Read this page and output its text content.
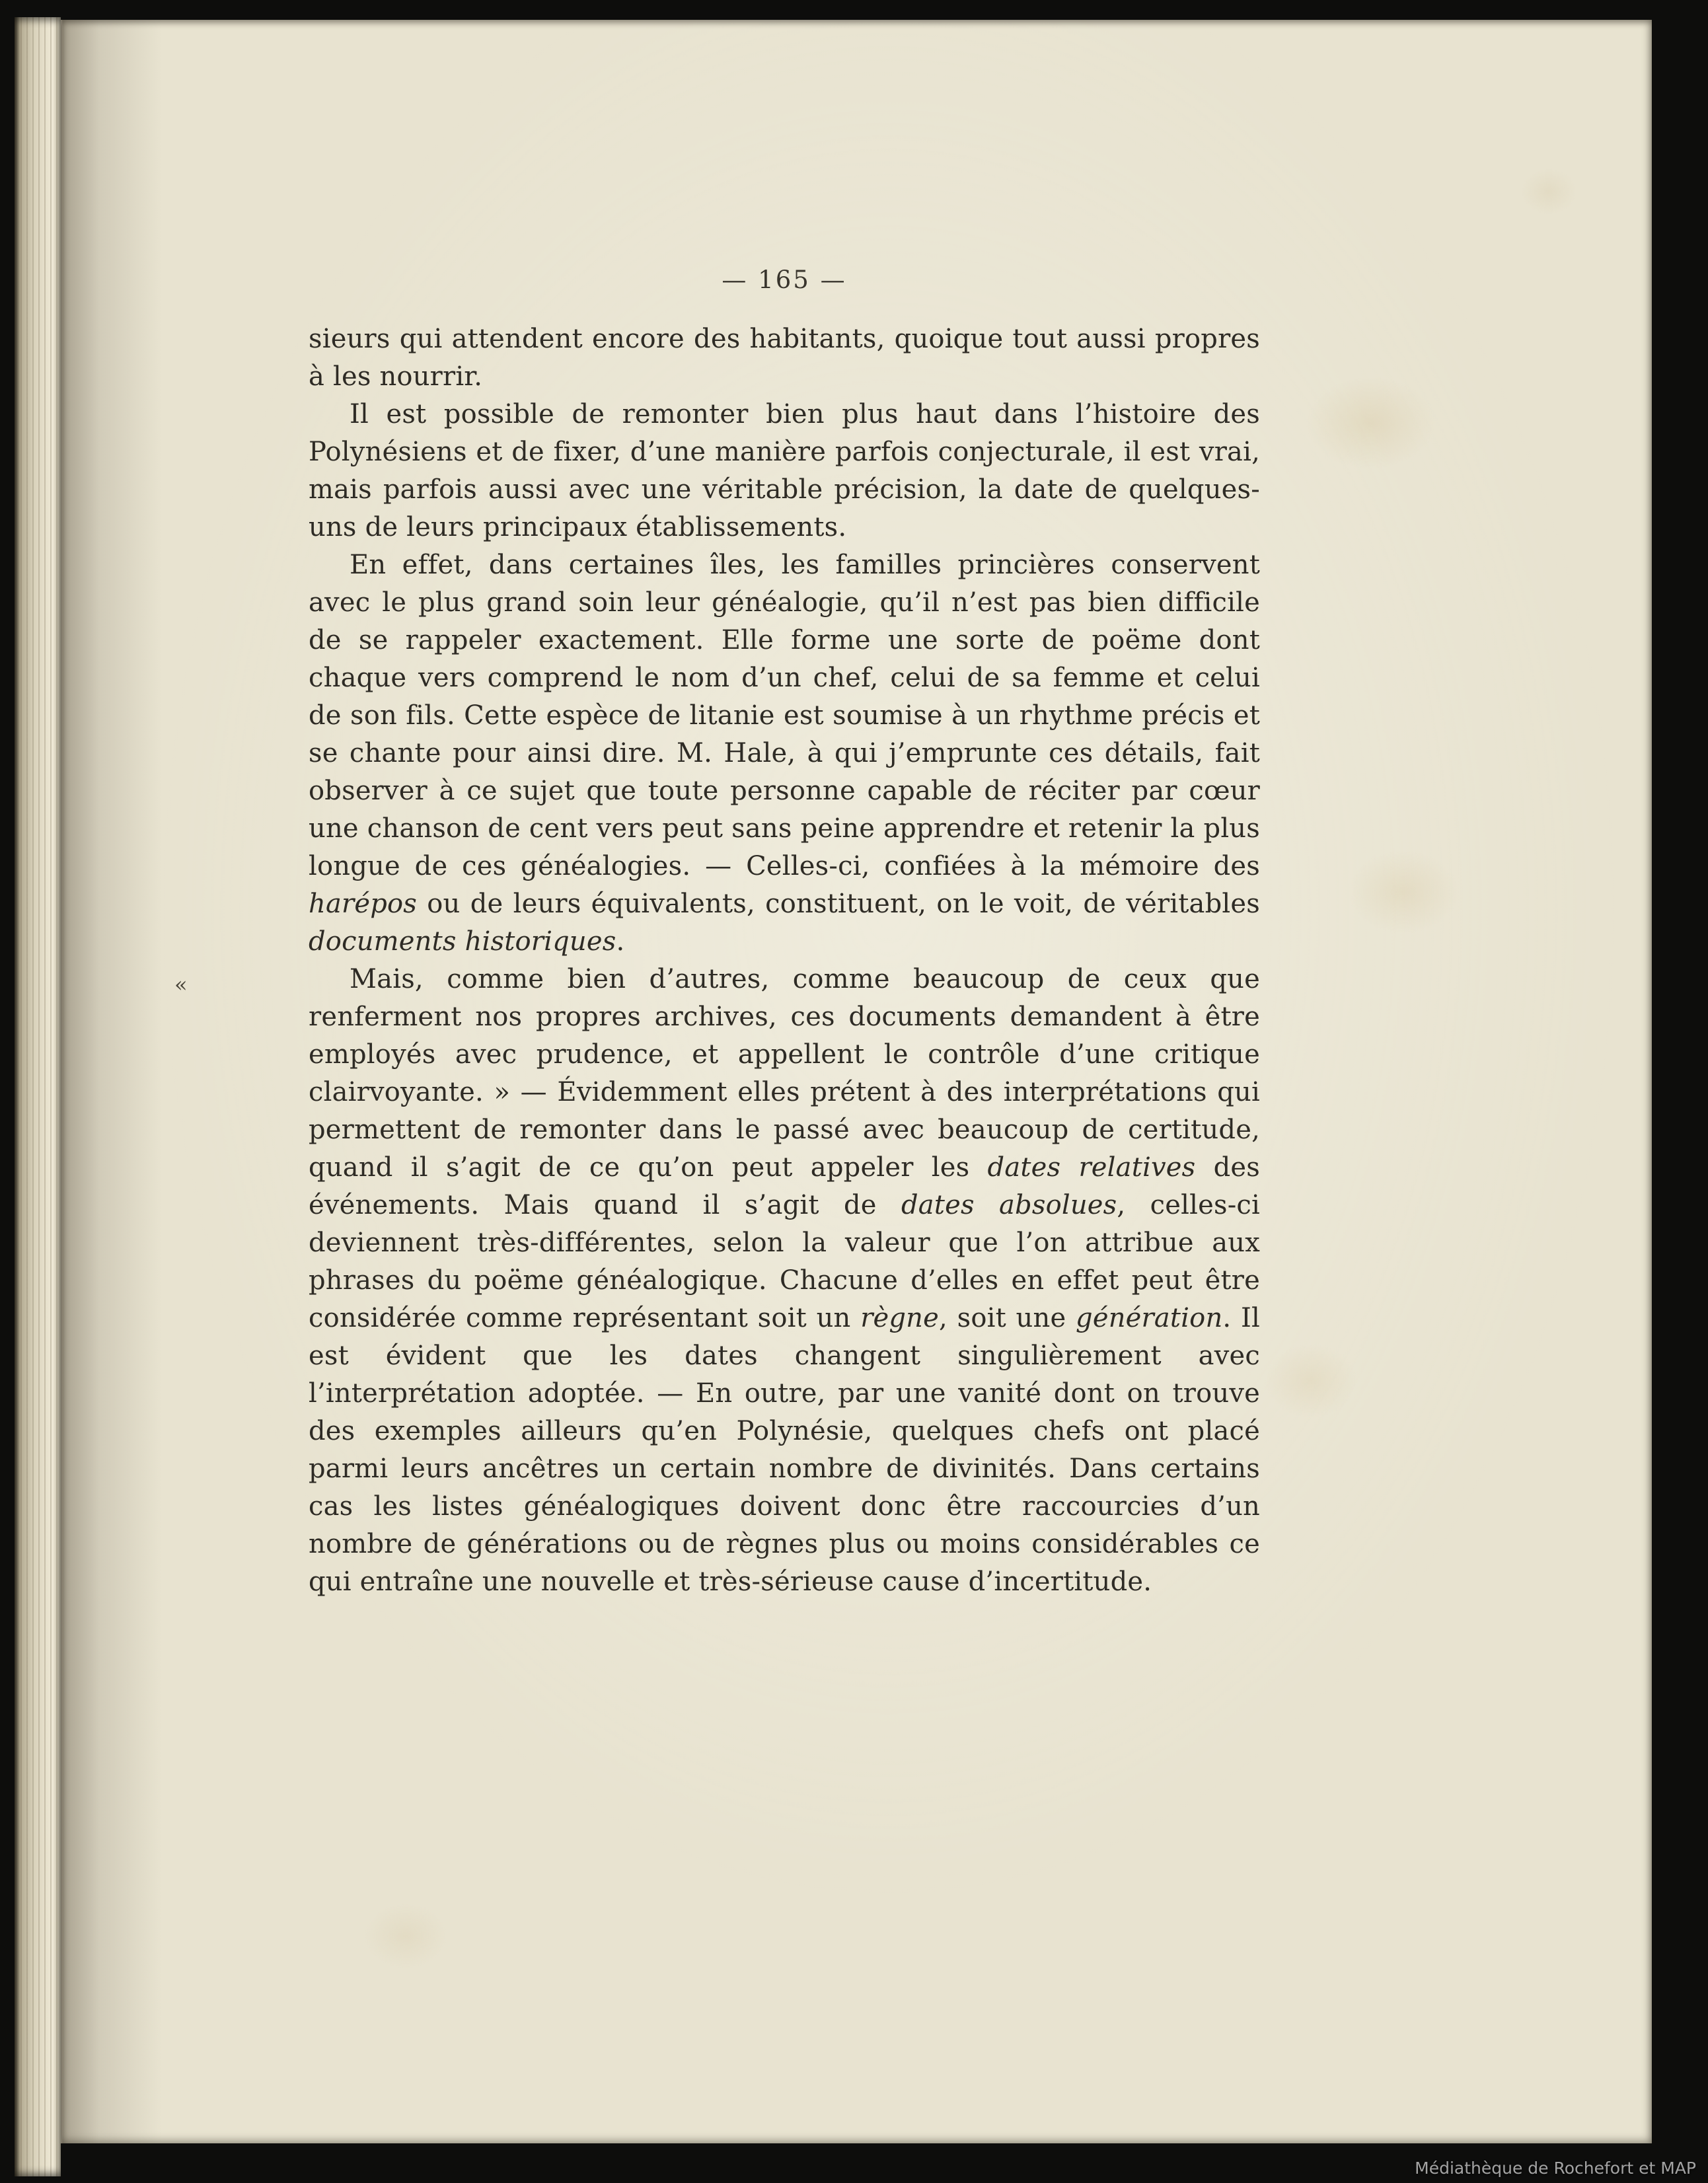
— 165 —

sieurs qui attendent encore des habitants, quoique tout aussi propres à les nourrir.

Il est possible de remonter bien plus haut dans l’histoire des Polynésiens et de fixer, d’une manière parfois conjecturale, il est vrai, mais parfois aussi avec une véritable précision, la date de quelques-uns de leurs principaux établissements.

En effet, dans certaines îles, les familles princières conservent avec le plus grand soin leur généalogie, qu’il n’est pas bien difficile de se rappeler exactement. Elle forme une sorte de poëme dont chaque vers comprend le nom d’un chef, celui de sa femme et celui de son fils. Cette espèce de litanie est soumise à un rhythme précis et se chante pour ainsi dire. M. Hale, à qui j’emprunte ces détails, fait observer à ce sujet que toute personne capable de réciter par cœur une chanson de cent vers peut sans peine apprendre et retenir la plus longue de ces généalogies. — Celles-ci, confiées à la mémoire des harépos ou de leurs équivalents, constituent, on le voit, de véritables documents historiques.

«	Mais, comme bien d’autres, comme beaucoup de ceux que renferment nos propres archives, ces documents demandent à être employés avec prudence, et appellent le contrôle d’une critique clairvoyante. » — Évidemment elles prétent à des interprétations qui permettent de remonter dans le passé avec beaucoup de certitude, quand il s’agit de ce qu’on peut appeler les dates relatives des événements. Mais quand il s’agit de dates absolues, celles-ci deviennent très-différentes, selon la valeur que l’on attribue aux phrases du poëme généalogique. Chacune d’elles en effet peut être considérée comme représentant soit un règne, soit une génération. Il est évident que les dates changent singulièrement avec l’interprétation adoptée. — En outre, par une vanité dont on trouve des exemples ailleurs qu’en Polynésie, quelques chefs ont placé parmi leurs ancêtres un certain nombre de divinités. Dans certains cas les listes généalogiques doivent donc être raccourcies d’un nombre de générations ou de règnes plus ou moins considérables ce qui entraîne une nouvelle et très-sérieuse cause d’incertitude.

Médiathèque de Rochefort et MAP
